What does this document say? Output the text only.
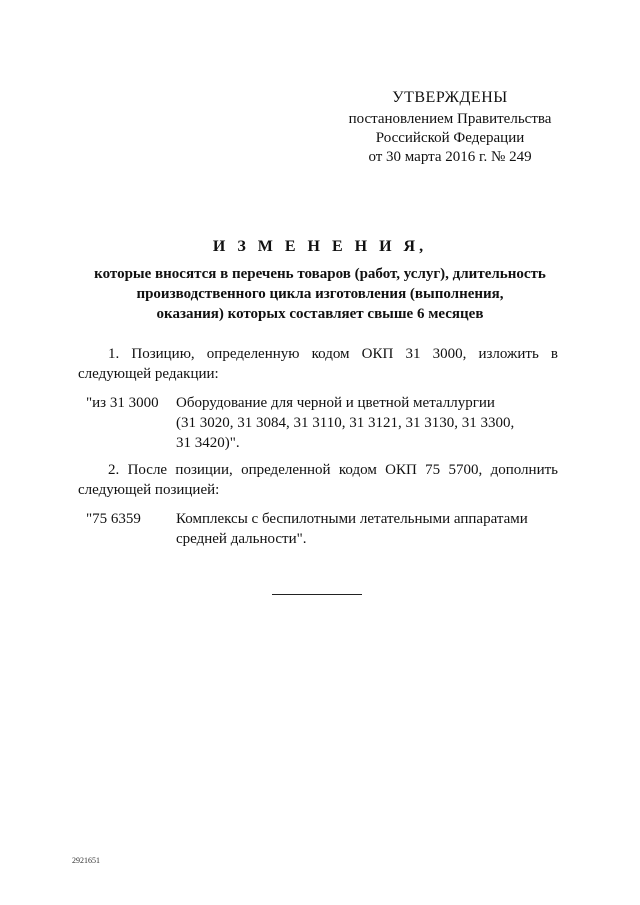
УТВЕРЖДЕНЫ
постановлением Правительства
Российской Федерации
от 30 марта 2016 г. № 249
И З М Е Н Е Н И Я,
которые вносятся в перечень товаров (работ, услуг), длительность
производственного цикла изготовления (выполнения,
оказания) которых составляет свыше 6 месяцев
1. Позицию, определенную кодом ОКП 31 3000, изложить в
следующей редакции:
"из 31 3000 Оборудование для черной и цветной металлургии
(31 3020, 31 3084, 31 3110, 31 3121, 31 3130, 31 3300,
31 3420)".
2. После позиции, определенной кодом ОКП 75 5700, дополнить
следующей позицией:
"75 6359 Комплексы с беспилотными летательными аппаратами
средней дальности".
2921651
